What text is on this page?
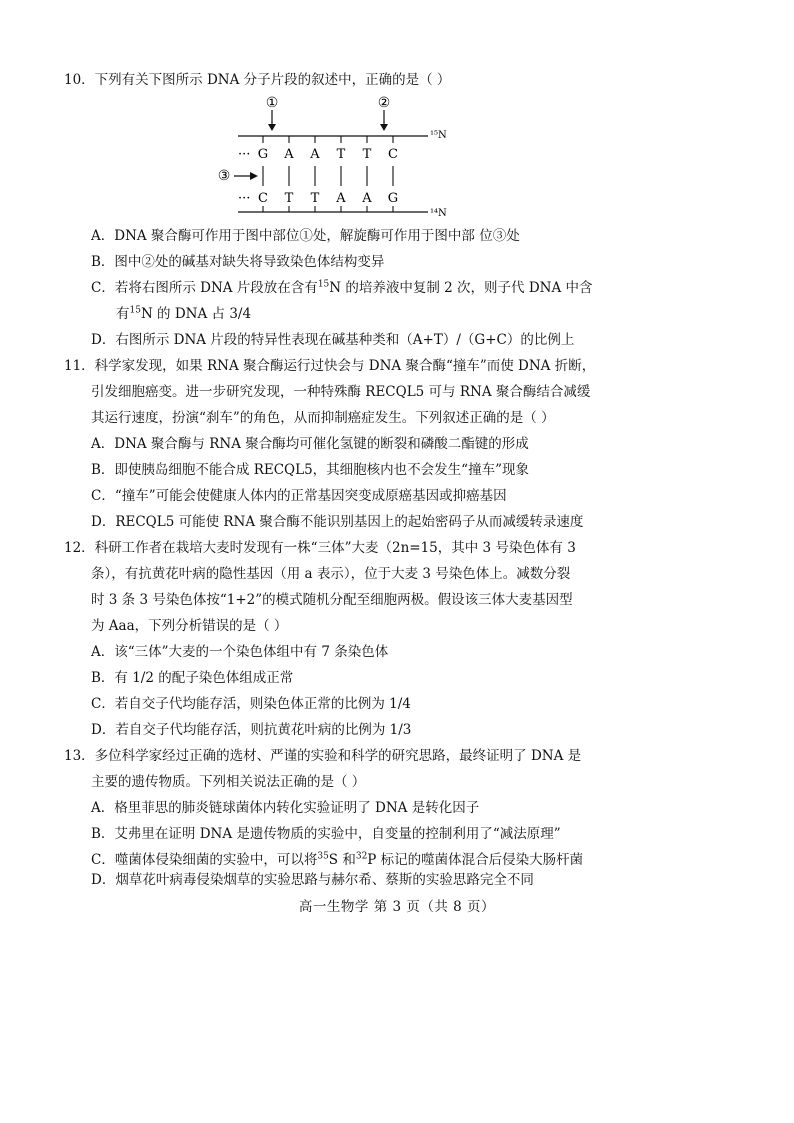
10．下列有关下图所示 DNA 分子片段的叙述中，正确的是（ ）
①	②
¹⁵N
··· G A A T T C
③
··· C T T A A G
¹⁴N
A．DNA 聚合酶可作用于图中部位①处，解旋酶可作用于图中部 位③处
B．图中②处的碱基对缺失将导致染色体结构变异
C．若将右图所示 DNA 片段放在含有$^{15}$N 的培养液中复制 2 次，则子代 DNA 中含
有$^{15}$N 的 DNA 占 3/4
D．右图所示 DNA 片段的特异性表现在碱基种类和（A+T）/（G+C）的比例上
11．科学家发现，如果 RNA 聚合酶运行过快会与 DNA 聚合酶“撞车”而使 DNA 折断，
引发细胞癌变。进一步研究发现，一种特殊酶 RECQL5 可与 RNA 聚合酶结合减缓
其运行速度，扮演“刹车”的角色，从而抑制癌症发生。下列叙述正确的是（ ）
A．DNA 聚合酶与 RNA 聚合酶均可催化氢键的断裂和磷酸二酯键的形成
B．即使胰岛细胞不能合成 RECQL5，其细胞核内也不会发生“撞车”现象
C．“撞车”可能会使健康人体内的正常基因突变成原癌基因或抑癌基因
D．RECQL5 可能使 RNA 聚合酶不能识别基因上的起始密码子从而减缓转录速度
12．科研工作者在栽培大麦时发现有一株“三体”大麦（2n=15，其中 3 号染色体有 3
条），有抗黄花叶病的隐性基因（用 a 表示），位于大麦 3 号染色体上。减数分裂
时 3 条 3 号染色体按“1+2”的模式随机分配至细胞两极。假设该三体大麦基因型
为 Aaa，下列分析错误的是（ ）
A．该“三体”大麦的一个染色体组中有 7 条染色体
B．有 1/2 的配子染色体组成正常
C．若自交子代均能存活，则染色体正常的比例为 1/4
D．若自交子代均能存活，则抗黄花叶病的比例为 1/3
13．多位科学家经过正确的选材、严谨的实验和科学的研究思路，最终证明了 DNA 是
主要的遗传物质。下列相关说法正确的是（ ）
A．格里菲思的肺炎链球菌体内转化实验证明了 DNA 是转化因子
B．艾弗里在证明 DNA 是遗传物质的实验中，自变量的控制利用了“减法原理”
C．噬菌体侵染细菌的实验中，可以将$^{35}$S 和$^{32}$P 标记的噬菌体混合后侵染大肠杆菌
D．烟草花叶病毒侵染烟草的实验思路与赫尔希、蔡斯的实验思路完全不同
高一生物学 第 3 页（共 8 页）
